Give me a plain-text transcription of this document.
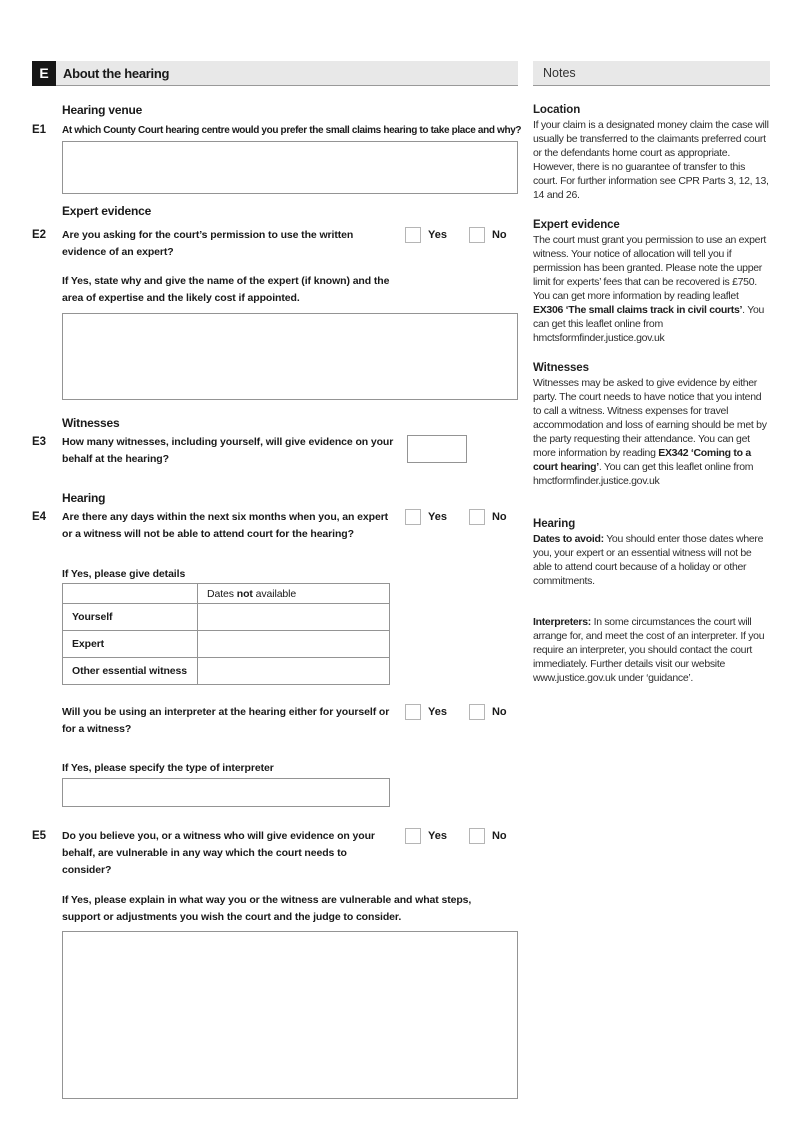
E	About the hearing
Hearing venue
E1 At which County Court hearing centre would you prefer the small claims hearing to take place and why?
Expert evidence
E2 Are you asking for the court’s permission to use the written evidence of an expert?
Yes	No
If Yes, state why and give the name of the expert (if known) and the area of expertise and the likely cost if appointed.
Witnesses
E3 How many witnesses, including yourself, will give evidence on your behalf at the hearing?
Hearing
E4 Are there any days within the next six months when you, an expert or a witness will not be able to attend court for the hearing?
Yes	No
If Yes, please give details
	Dates not available
Yourself	
Expert	
Other essential witness	
Will you be using an interpreter at the hearing either for yourself or for a witness?
Yes	No
If Yes, please specify the type of interpreter
E5 Do you believe you, or a witness who will give evidence on your behalf, are vulnerable in any way which the court needs to consider?
Yes	No
If Yes, please explain in what way you or the witness are vulnerable and what steps, support or adjustments you wish the court and the judge to consider.
Notes
Location

If your claim is a designated money claim the case will usually be transferred to the claimants preferred court or the defendants home court as appropriate. However, there is no guarantee of transfer to this court. For further information see CPR Parts 3, 12, 13, 14 and 26.

Expert evidence

The court must grant you permission to use an expert witness. Your notice of allocation will tell you if permission has been granted. Please note the upper limit for experts’ fees that can be recovered is £750. You can get more information by reading leaflet EX306 ‘The small claims track in civil courts’. You can get this leaflet online from hmctsformfinder.justice.gov.uk

Witnesses

Witnesses may be asked to give evidence by either party. The court needs to have notice that you intend to call a witness. Witness expenses for travel accommodation and loss of earning should be met by the party requesting their attendance. You can get more information by reading EX342 ‘Coming to a court hearing’. You can get this leaflet online from hmctformfinder.justice.gov.uk

Hearing

Dates to avoid: You should enter those dates where you, your expert or an essential witness will not be able to attend court because of a holiday or other commitments.

Interpreters: In some circumstances the court will arrange for, and meet the cost of an interpreter. If you require an interpreter, you should contact the court immediately. Further details visit our website www.justice.gov.uk under ‘guidance’.
